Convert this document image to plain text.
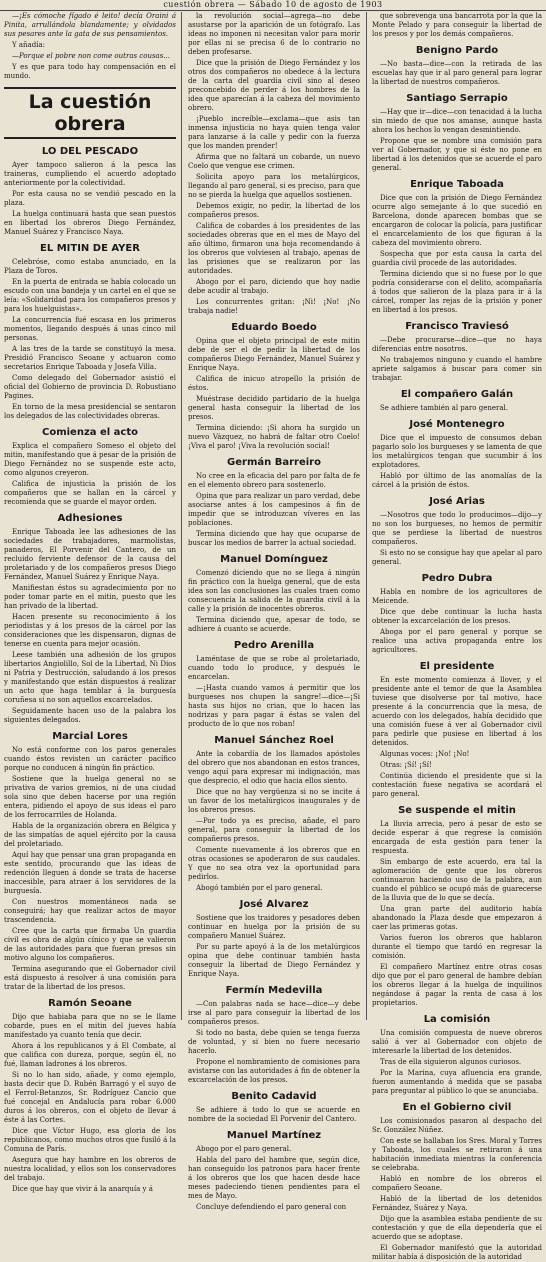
cuestión obrera — Sábado 10 de agosto de 1903

—¡Es cómoche fígado é leito! decía Oraini á Pinita, arrullándola blandamente; y olvidados sus pesares ante la gata de sus pensamientos.

Y añadía:

—Porque el pobre non come outras cousas...

Y es que para todo hay compensación en el mundo.

La cuestión obrera
LO DEL PESCADO

Ayer tampoco salieron á la pesca las traineras, cumpliendo el acuerdo adoptado anteriormente por la colectividad.

Por esta causa no se vendió pescado en la plaza.

La huelga continuará hasta que sean puestos en libertad los obreros Diego Fernández, Manuel Suárez y Francisco Naya.

EL MITIN DE AYER

Celebróse, como estaba anunciado, en la Plaza de Toros.

En la puerta de entrada se había colocado un escudo con una bandeja y un cartel en el que se leía: «Solidaridad para los compañeros presos y para los huelguistas».

La concurrencia fué escasa en los primeros momentos, llegando después á unas cinco mil personas.

A las tres de la tarde se constituyó la mesa. Presidió Francisco Seoane y actuaron como secretarios Enrique Taboada y Josefa Villa.

Como delegado del Gobernador asistió el oficial del Gobierno de provincia D. Robustiano Pagines.

En torno de la mesa presidencial se sentaron los delegados de las colectividades obreras.

Comienza el acto

Explica el compañero Someso el objeto del mitin, manifestando que á pesar de la prisión de Diego Fernández no se suspende este acto, como algunos creyeron.

Califica de injusticia la prisión de los compañeros que se hallan en la cárcel y recomienda que se guarde el mayor orden.

Adhesiones

Enrique Taboada lee las adhesiones de las sociedades de trabajadores, marmolistas, panaderos, El Porvenir del Cantero, de un recluido ferviente defensor de la causa del proletariado y de los compañeros presos Diego Fernández, Manuel Suárez y Enrique Naya.

Manifiestan éstos su agradecimiento por no poder tomar parte en el mitin, puesto que les han privado de la libertad.

Hacen presente su reconocimiento á los periodistas y á los presos de la cárcel por las consideraciones que les dispensaron, dignas de tenerse en cuenta para mejor ocasión.

Leese también una adhesión de los grupos libertarios Angiolillo, Sol de la Libertad, Ni Dios ni Patria y Destrucción, saludando á los presos y manifestando que están dispuestos á realizar un acto que haga temblar á la burguesía coruñesa si no son aquellos excarcelados.

Seguidamente hacen uso de la palabra los siguientes delegados.

Marcial Lores

No está conforme con los paros generales cuando éstos revisten un carácter pacífico porque no conducen á ningún fin práctico.

Sostiene que la huelga general no se privativa de varios gremios, ni de una ciudad sola sino que deben hacerse por una región entera, pidiendo el apoyo de sus ideas el paro de los ferrocarriles de Holanda.

Habla de la organización obrera en Bélgica y de las simpatías de aquel ejército por la causa del proletariado.

Aquí hay que pensar una gran propaganda en este sentido, procurando que las ideas de redención lleguen á donde se trata de hacerse inaccesible, para atraer á los servidores de la burguesía.

Con nuestros momentáneos nada se conseguirá; hay que realizar actos de mayor trascendencia.

Cree que la carta que firmaba Un guardia civil es obra de algún cínico y que se valieron de las autoridades para que fueran presos sin motivo alguno los compañeros.

Termina asegurando que el Gobernador civil está dispuesto á resolver á una comisión para tratar de la libertad de los presos.

Ramón Seoane

Dijo que habiaba para que no se le llame cobarde, pues en el mitin del jueves había manifestado ya cuanto tenía que decir.

Ahora á los republicanos y á El Combate, al que califica con dureza, porque, según él, no fué, llaman ladrones á los obreros.

Si no lo han sido, añade, y como ejemplo, basta decir que D. Rubén Barragó y el suyo de el Ferrol-Betanzos, Sr. Rodríguez Cancio que fué concejal en Andalucía para robar 6.000 duros á los obreros, con el objeto de llevar á éste á las Cortes.

Dice que Víctor Hugo, esa gloria de los republicanos, como muchos otros que fusiló á la Comuna de París.

Asegura que hay hambre en los obreros de nuestra localidad, y ellos son los conservadores del trabajo.

Dice que hay que vivir á la anarquía y á

la revolución social—agrega—no debe asustarse por la aparición de un fotógrafo. Las ideas no imponen ni necesitan valor para morir por ellas ni se precisa 6 de lo contrario no deben profesarse.

Dice que la prisión de Diego Fernández y los otros dos compañeros no obedece á la lectura de la carta del guardia civil sino al deseo preconcebido de perder á los hombres de la idea que aparecían á la cabeza del movimiento obrero.

¡Pueblo increíble—exclama—que asis tan inmensa injusticia no haya quien tenga valor para lanzarse á la calle y pedir con la fuerza que los manden prender!

Afirma que no faltará un cobarde, un nuevo Coelo que vengue ese crimen.

Solicita apoyo para los metalúrgicos, llegando al paro general, si es preciso, para que no se pierda la huelga que aquellos sostienen.

Debemos exigir, no pedir, la libertad de los compañeros presos.

Califica de cobardes á los presidentes de las sociedades obreras que en el mes de Mayo del año último, firmaron una hoja recomendando á los obreros que volviesen al trabajo, apenas de las prisiones que se realizaron por las autoridades.

Abogo por el paro, diciendo que hoy nadie debe acudir al trabajo.

Los concurrentes gritan: ¡Ni! ¡No! ¡No trabaja nadie!

Eduardo Boedo

Opina que el objeto principal de este mitin debe de ser el de pedir la libertad de los compañeros Diego Fernández, Manuel Suárez y Enrique Naya.

Califica de inicuo atropello la prisión de éstos.

Muéstrase decidido partidario de la huelga general hasta conseguir la libertad de los presos.

Termina diciendo: ¡Si ahora ha surgido un nuevo Vázquez, no habrá de faltar otro Coelo! ¡Viva el paro! ¡Viva la revolución social!

Germán Barreiro

No cree en la eficacia del paro por falta de fe en el elemento obrero para sostenerlo.

Opina que para realizar un paro verdad, debe asociarse antes á los campesinos á fin de impedir que se introduzcan víveres en las poblaciones.

Termina diciendo que hay que ocuparse de buscar los medios de barrer la actual sociedad.

Manuel Domínguez

Comenzó diciendo que no se llega á ningún fin práctico con la huelga general, que de esta idea son las conclusiones las cuales traen como consecuencia la salida de la guardia civil á la calle y la prisión de inocentes obreros.

Termina diciendo que, apesar de todo, se adhiere á cuanto se acuerde.

Pedro Arenilla

Laméntase de que se robe al proletariado, cuando todo lo produce, y después le encarcelan.

—¡Hasta cuando vamos á permitir que los burgueses nos chupen la sangre!—dice—¡Si hasta sus hijos no crian, que lo hacen las nodrizas y para pagar á éstas se valen del producto de lo que nos roban!

Manuel Sánchez Roel

Ante la cobardía de los llamados apóstoles del obrero que nos abandonan en estos trances, vengo aquí para expresar mi indignación, mas que desprecio, el odio que hacia ellos siento.

Dice que no hay vergüenza si no se incite á un favor de los metalúrgicos inaugurales y de los obreros presos.

—Por todo ya es preciso, añade, el paro general, para conseguir la libertad de los compañeros presos.

Comente nuevamente á los obreros que en otras ocasiones se apoderaron de sus caudales. Y que no sea otra vez la oportunidad para pedirlos.

Abogó también por el paro general.

José Alvarez

Sostiene que los traidores y pesadores deben continuar en huelga por la prisión de su compañero Manuel Suárez.

Por su parte apoyó á la de los metalúrgicos opina que debe continuar también hasta conseguir la libertad de Diego Fernández y Enrique Naya.

Fermín Medevilla

—Con palabras nada se hace—dice—y debe irse al paro para conseguir la libertad de los compañeros presos.

Si todo no basta, debe quien se tenga fuerza de voluntad, y si bien no fuere necesario hacerlo.

Propone el nombramiento de comisiones para avistarse con las autoridades á fin de obtener la excarcelación de los presos.

Benito Cadavid

Se adhiere á todo lo que se acuerde en nombre de la sociedad El Porvenir del Cantero.

Manuel Martínez

Abogo por el paro general.

Habla del paro del hambre que, según dice, han conseguido los patronos para hacer frente á los obreros que los que hacen desde hace meses padeciendo tienen pendientes para el mes de Mayo.

Concluye defendiendo el paro general con

que sobrevenga una bancarrota por la que la Monte Pelado y para conseguir la libertad de los presos y por los demás compañeros.

Benigno Pardo

—No basta—dice—con la retirada de las escuelas hay que ir al paro general para lograr la libertad de nuestros compañeros.

Santiago Serrapio

—Hay que ir—dice—con tenacidad á la lucha sin miedo de que nos amanse, aunque hasta ahora los hechos lo vengan desmintiendo.

Propone que se nombre una comisión para ver al Gobernador, y que si éste no pone en libertad á los detenidos que se acuerde el paro general.

Enrique Taboada

Dice que con la prisión de Diego Fernández ocurre algo semejante á lo que sucedió en Barcelona, donde aparecen bombas que se encargaron de colocar la policía, para justificar el encarcelamiento de los que figuran á la cabeza del movimiento obrero.

Sospecha que por esta causa la carta del guardia civil procede de las autoridades.

Termina diciendo que si no fuese por lo que podría considerarse con el delito, acompañaría á todos que salieron de la plaza para ir á la cárcel, romper las rejas de la prisión y poner en libertad á los presos.

Francisco Traviesó

—Debe procurarse—dice—que no haya diferencias entre nosotros.

No trabajemos ninguno y cuando el hambre apriete salgamos á buscar para comer sin trabajar.

El compañero Galán

Se adhiere también al paro general.

José Montenegro

Dice que el impuesto de consumos deban pagarlo solo los burgueses y se lamenta de que los metalúrgicos tengan que sucumbir á los explotadores.

Habló por último de las anomalías de la cárcel á la prisión de éstos.

José Arias

—Nosotros que todo lo producimos—dijo—y no son los burgueses, no hemos de permitir que se perdiese la libertad de nuestros compañeros.

Si esto no se consigue hay que apelar al paro general.

Pedro Dubra

Habla en nombre de los agricultores de Meicende.

Dice que debe continuar la lucha hasta obtener la excarcelación de los presos.

Aboga por el paro general y porque se realice una activa propaganda entre los agricultores.

El presidente

En este momento comienza á llover, y el presidente ante el temor de que la Asamblea tuviese que disolverse por tal motivo, hace presente á la concurrencia que la mesa, de acuerdo con los delegados, había decidido que una comisión fuese á ver al Gobernador civil para pedirle que pusiese en libertad á los detenidos.

Algunas voces: ¡No! ¡No!

Otras: ¡Sí! ¡Sí!

Continúa diciendo el presidente que si la contestación fuese negativa se acordará el paro general.

Se suspende el mitin

La lluvia arrecia, pero á pesar de esto se decide esperar á que regrese la comisión encargada de esta gestión para tener la respuesta.

Sin embargo de este acuerdo, era tal la aglomeración de gente que los obreros continuaron haciendo uso de la palabra, aun cuando el público se ocupó más de guarecerse de la lluvia que de lo que se decía.

Una gran parte del auditorio había abandonado la Plaza desde que empezaron á caer las primeras gotas.

Varios fueron los obreros que hablaron durante el tiempo que tardó en regresar la comisión.

El compañero Martínez entre otras cosas dijo que por el paro general de hambre debían los obreros llegar á la huelga de inquilinos negándose á pagar la renta de casa á los propietarios.

La comisión

Una comisión compuesta de nueve obreros salió á ver al Gobernador con objeto de interesarle la libertad de los detenidos.

Tras de ella siguieron algunos curiosos.

Por la Marina, cuya afluencia era grande, fueron aumentando á medida que se pasaba para preguntar al público lo que se anunciaba.

En el Gobierno civil

Los comisionados pasaron al despacho del Sr. González Núñez.

Con este se hallaban los Sres. Moral y Torres y Taboada, los cuales se retiraron á una habitación inmediata mientras la conferencia se celebraba.

Habló en nombre de los obreros el compañero Seoane.

Habló de la libertad de los detenidos Fernández, Suárez y Naya.

Dijo que la asamblea estaba pendiente de su contestación y que de ella dependería que el acuerdo que se adoptase.

El Gobernador manifestó que la autoridad militar había á disposición de la autoridad
